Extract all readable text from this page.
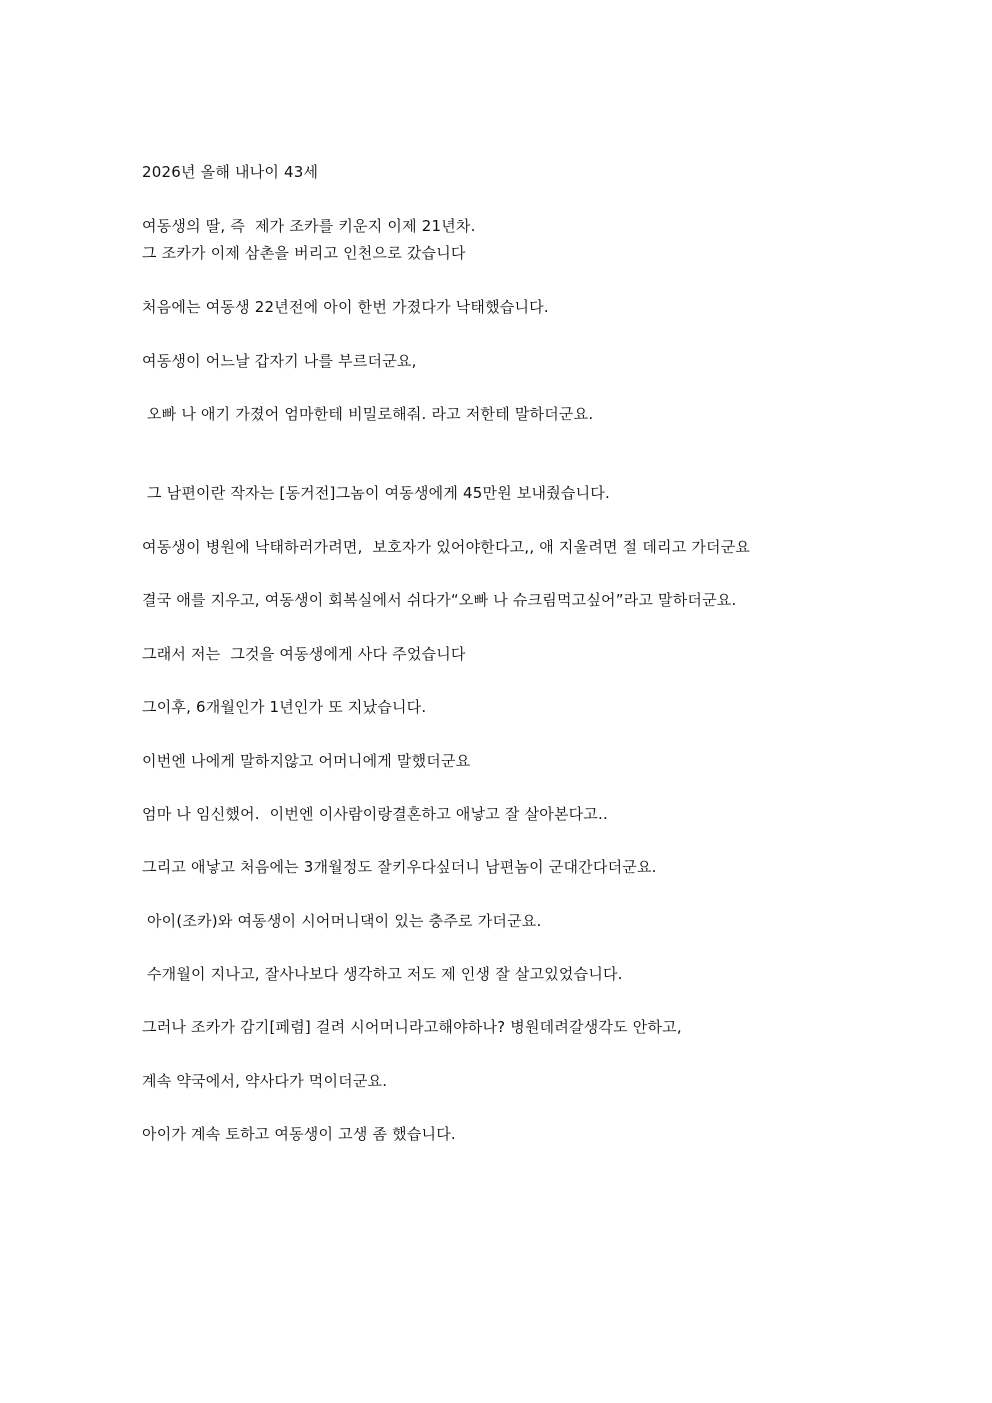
2026년 올해 내나이 43세
여동생의 딸, 즉  제가 조카를 키운지 이제 21년차.
그 조카가 이제 삼촌을 버리고 인천으로 갔습니다
처음에는 여동생 22년전에 아이 한번 가졌다가 낙태했습니다.
여동생이 어느날 갑자기 나를 부르더군요,
오빠 나 애기 가졌어 엄마한테 비밀로해줘. 라고 저한테 말하더군요.
그 남편이란 작자는 [동거전]그놈이 여동생에게 45만원 보내줬습니다.
여동생이 병원에 낙태하러가려면,  보호자가 있어야한다고,, 애 지울려면 절 데리고 가더군요
결국 애를 지우고, 여동생이 회복실에서 쉬다가“오빠 나 슈크림먹고싶어”라고 말하더군요.
그래서 저는  그것을 여동생에게 사다 주었습니다
그이후, 6개월인가 1년인가 또 지났습니다.
이번엔 나에게 말하지않고 어머니에게 말했더군요
엄마 나 임신했어.  이번엔 이사람이랑결혼하고 애낳고 잘 살아본다고..
그리고 애낳고 처음에는 3개월정도 잘키우다싶더니 남편놈이 군대간다더군요.
아이(조카)와 여동생이 시어머니댁이 있는 충주로 가더군요.
수개월이 지나고, 잘사나보다 생각하고 저도 제 인생 잘 살고있었습니다.
그러나 조카가 감기[페렴] 걸려 시어머니라고해야하나? 병원데려갈생각도 안하고,
계속 약국에서, 약사다가 먹이더군요.
아이가 계속 토하고 여동생이 고생 좀 했습니다.
